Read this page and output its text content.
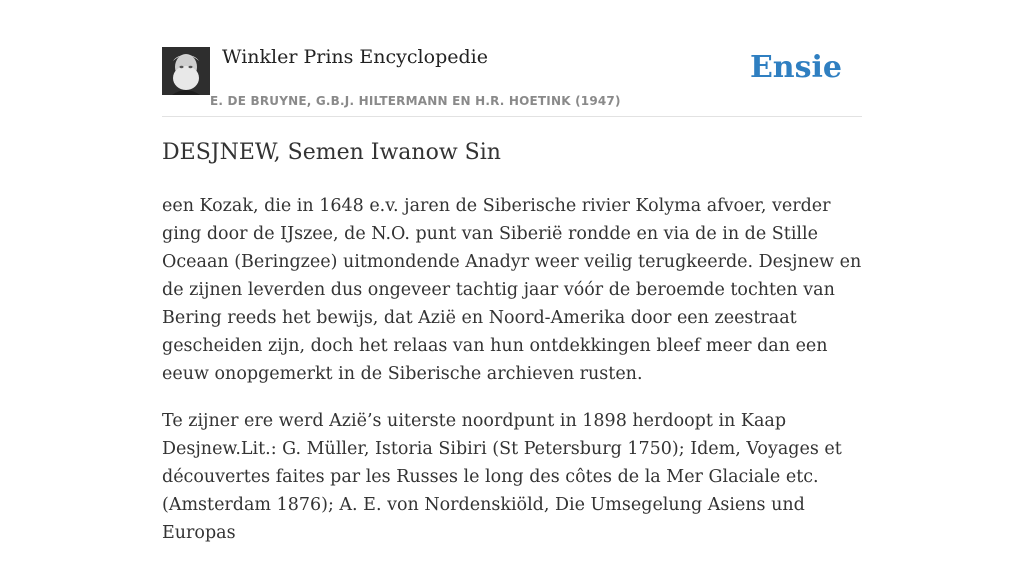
Winkler Prins Encyclopedie
E. DE BRUYNE, G.B.J. HILTERMANN EN H.R. HOETINK (1947)
Ensie
DESJNEW, Semen Iwanow Sin

een Kozak, die in 1648 e.v. jaren de Siberische rivier Kolyma afvoer, verder ging door de IJszee, de N.O. punt van Siberië rondde en via de in de Stille Oceaan (Beringzee) uitmondende Anadyr weer veilig terugkeerde. Desjnew en de zijnen leverden dus ongeveer tachtig jaar vóór de beroemde tochten van Bering reeds het bewijs, dat Azië en Noord-Amerika door een zeestraat gescheiden zijn, doch het relaas van hun ontdekkingen bleef meer dan een eeuw onopgemerkt in de Siberische archieven rusten.

Te zijner ere werd Azië’s uiterste noordpunt in 1898 herdoopt in Kaap Desjnew.Lit.: G. Müller, Istoria Sibiri (St Petersburg 1750); Idem, Voyages et découvertes faites par les Russes le long des côtes de la Mer Glaciale etc. (Amsterdam 1876); A. E. von Nordenskiöld, Die Umsegelung Asiens und Europas
